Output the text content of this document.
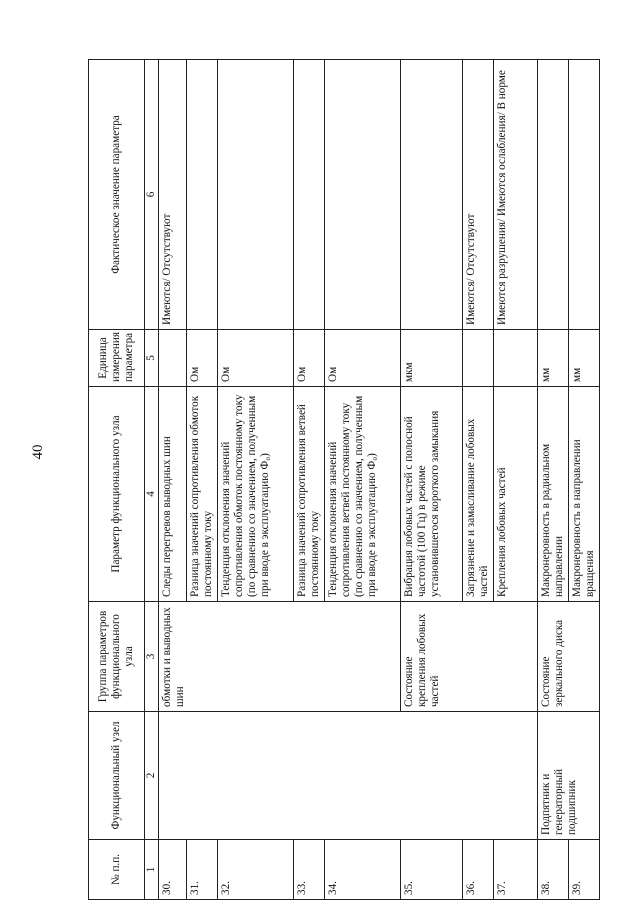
40
№ п.п.	Функциональный узел	Группа параметров функционального узла	Параметр функционального узла	Единица измерения параметра	Фактическое значение параметра
1	2	3	4	5	6
30.		обмотки и выводных шин	Следы перегревов выводных шин		Имеются/ Отсутствуют
31.			Разница значений сопротивления обмоток постоянному току	Ом	
32.			Тенденция отклонения значений сопротивления обмоток постоянному току (по сравнению со значением, полученным при вводе в эксплуатацию Ф₀)	Ом	
33.			Разница значений сопротивления ветвей постоянному току	Ом	
34.			Тенденция отклонения значений сопротивления ветвей постоянному току (по сравнению со значением, полученным при вводе в эксплуатацию Ф₀)	Ом	
35.		Состояние крепления лобовых частей	Вибрация лобовых частей с полосной частотой (100 Гц) в режиме установившегося короткого замыкания	мкм	
36.			Загрязнение и замасливание лобовых частей		Имеются/ Отсутствуют
37.			Крепления лобовых частей		Имеются разрушения/ Имеются ослабления/ В норме
38.	Подпятник и генераторный подшипник	Состояние зеркального диска	Макронеровность в радиальном направлении	мм	
39.			Макронеровность в направлении вращения	мм	
